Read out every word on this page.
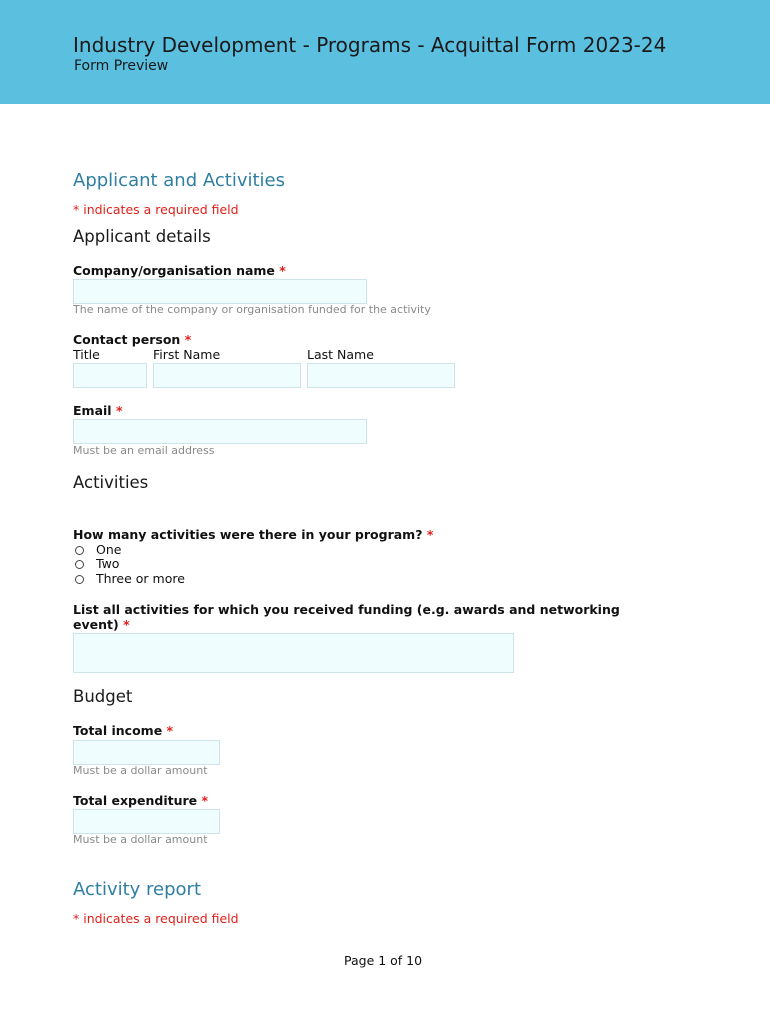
Industry Development - Programs - Acquittal Form 2023-24
Form Preview
Applicant and Activities
* indicates a required field
Applicant details
Company/organisation name *
The name of the company or organisation funded for the activity
Contact person *
Title	First Name	Last Name
Email *
Must be an email address
Activities
How many activities were there in your program? *
One
Two
Three or more
List all activities for which you received funding (e.g. awards and networking
event) *
Budget
Total income *
Must be a dollar amount
Total expenditure *
Must be a dollar amount
Activity report
* indicates a required field
Page 1 of 10
